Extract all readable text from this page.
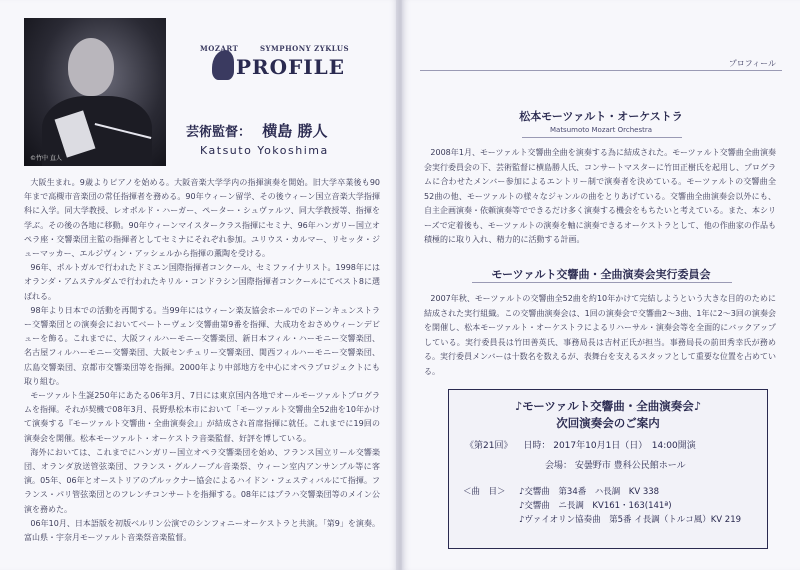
©竹中 直人
MOZART	SYMPHONY ZYKLUS
PROFILE
芸術監督： 横島 勝人
Katsuto Yokoshima

大阪生まれ。9歳よりピアノを始める。大阪音楽大学学内の指揮演奏を開始。旧大学卒業後も90年まで高槻市音楽団の常任指揮者を務める。90年ウィーン留学、その後ウィーン国立音楽大学指揮科に入学。同大学教授、レオポルド・ハーガー、ペーター・シュヴァルツ、同大学教授等、指揮を学ぶ。その後の各地に移動。90年ウィーンマイスタークラス指揮にセミナ、96年ハンガリー国立オペラ座・交響楽団主監の指揮者としてセミナにそれぞれ参加。ユリウス・カルマー、リセッタ・ジューマッカー、エルジヴィン・アッシェルから指揮の薫陶を受ける。

96年、ポルトガルで行われたドミエン国際指揮者コンクール、セミファイナリスト。1998年にはオランダ・アムステルダムで行われたキリル・コンドラシン国際指揮者コンクールにてベスト8に選ばれる。

98年より日本での活動を再開する。当99年にはウィーン楽友協会ホールでのドーンキュンストラー交響楽団との演奏会においてベートーヴェン交響曲第9番を指揮、大成功をおさめウィーンデビューを飾る。これまでに、大阪フィルハーモニー交響楽団、新日本フィル・ハーモニー交響楽団、名古屋フィルハーモニー交響楽団、大阪センチュリー交響楽団、関西フィルハーモニー交響楽団、広島交響楽団、京都市交響楽団等を指揮。2000年より中部地方を中心にオペラプロジェクトにも取り組む。

モーツァルト生誕250年にあたる06年3月、7日には東京国内各地でオールモーツァルトプログラムを指揮。それが契機で08年3月、長野県松本市において「モーツァルト交響曲全52曲を10年かけて演奏する『モーツァルト交響曲・全曲演奏会』」が結成され首席指揮に就任。これまでに19回の演奏会を開催。松本モーツァルト・オーケストラ音楽監督、好評を博している。

海外においては、これまでにハンガリー国立オペラ交響楽団を始め、フランス国立リール交響楽団、オランダ放送管弦楽団、フランス・グルノーブル音楽祭、ウィーン室内アンサンブル等に客演。05年、06年とオーストリアのブルックナー協会によるハイドン・フェスティバルにて指揮。フランス・パリ管弦楽団とのフレンチコンサートを指揮する。08年にはプラハ交響楽団等のメイン公演を務めた。

06年10月、日本語版を初版ベルリン公演でのシンフォニーオーケストラと共演。「第9」を演奏。富山県・宇奈月モーツァルト音楽祭音楽監督。

プロフィール
松本モーツァルト・オーケストラ
Matsumoto Mozart Orchestra

2008年1月、モーツァルト交響曲全曲を演奏する為に結成された。モーツァルト交響曲全曲演奏会実行委員会の下、芸術監督に横島勝人氏、コンサートマスターに竹田正樹氏を起用し、プログラムに合わせたメンバー参加によるエントリー制で演奏者を決めている。モーツァルトの交響曲全52曲の他、モーツァルトの様々なジャンルの曲をとりあげている。交響曲全曲演奏会以外にも、自主企画演奏・依頼演奏等でできるだけ多く演奏する機会をもちたいと考えている。また、本シリーズで定着後も、モーツァルトの演奏を軸に演奏できるオーケストラとして、他の作曲家の作品も積極的に取り入れ、精力的に活動する計画。

モーツァルト交響曲・全曲演奏会実行委員会

2007年秋、モーツァルトの交響曲全52曲を約10年かけて完結しようという大きな目的のために結成された実行組織。この交響曲演奏会は、1回の演奏会で交響曲2〜3曲、1年に2〜3回の演奏会を開催し、松本モーツァルト・オーケストラによるリハーサル・演奏会等を全面的にバックアップしている。実行委員長は竹田善英氏、事務局長は吉村正氏が担当。事務局長の前田秀幸氏が務める。実行委員メンバーは十数名を数えるが、表舞台を支えるスタッフとして重要な位置を占めている。

♪モーツァルト交響曲・全曲演奏会♪
次回演奏会のご案内
《第21回》 日時： 2017年10月1日（日）　14:00開演
会場： 安曇野市 豊科公民館ホール
＜曲　目＞ ♪交響曲　第34番　ハ長調　KV 338
♪交響曲　ニ長調　KV161・163(141ª)
♪ヴァイオリン協奏曲　第5番 イ長調（トルコ風）KV 219
